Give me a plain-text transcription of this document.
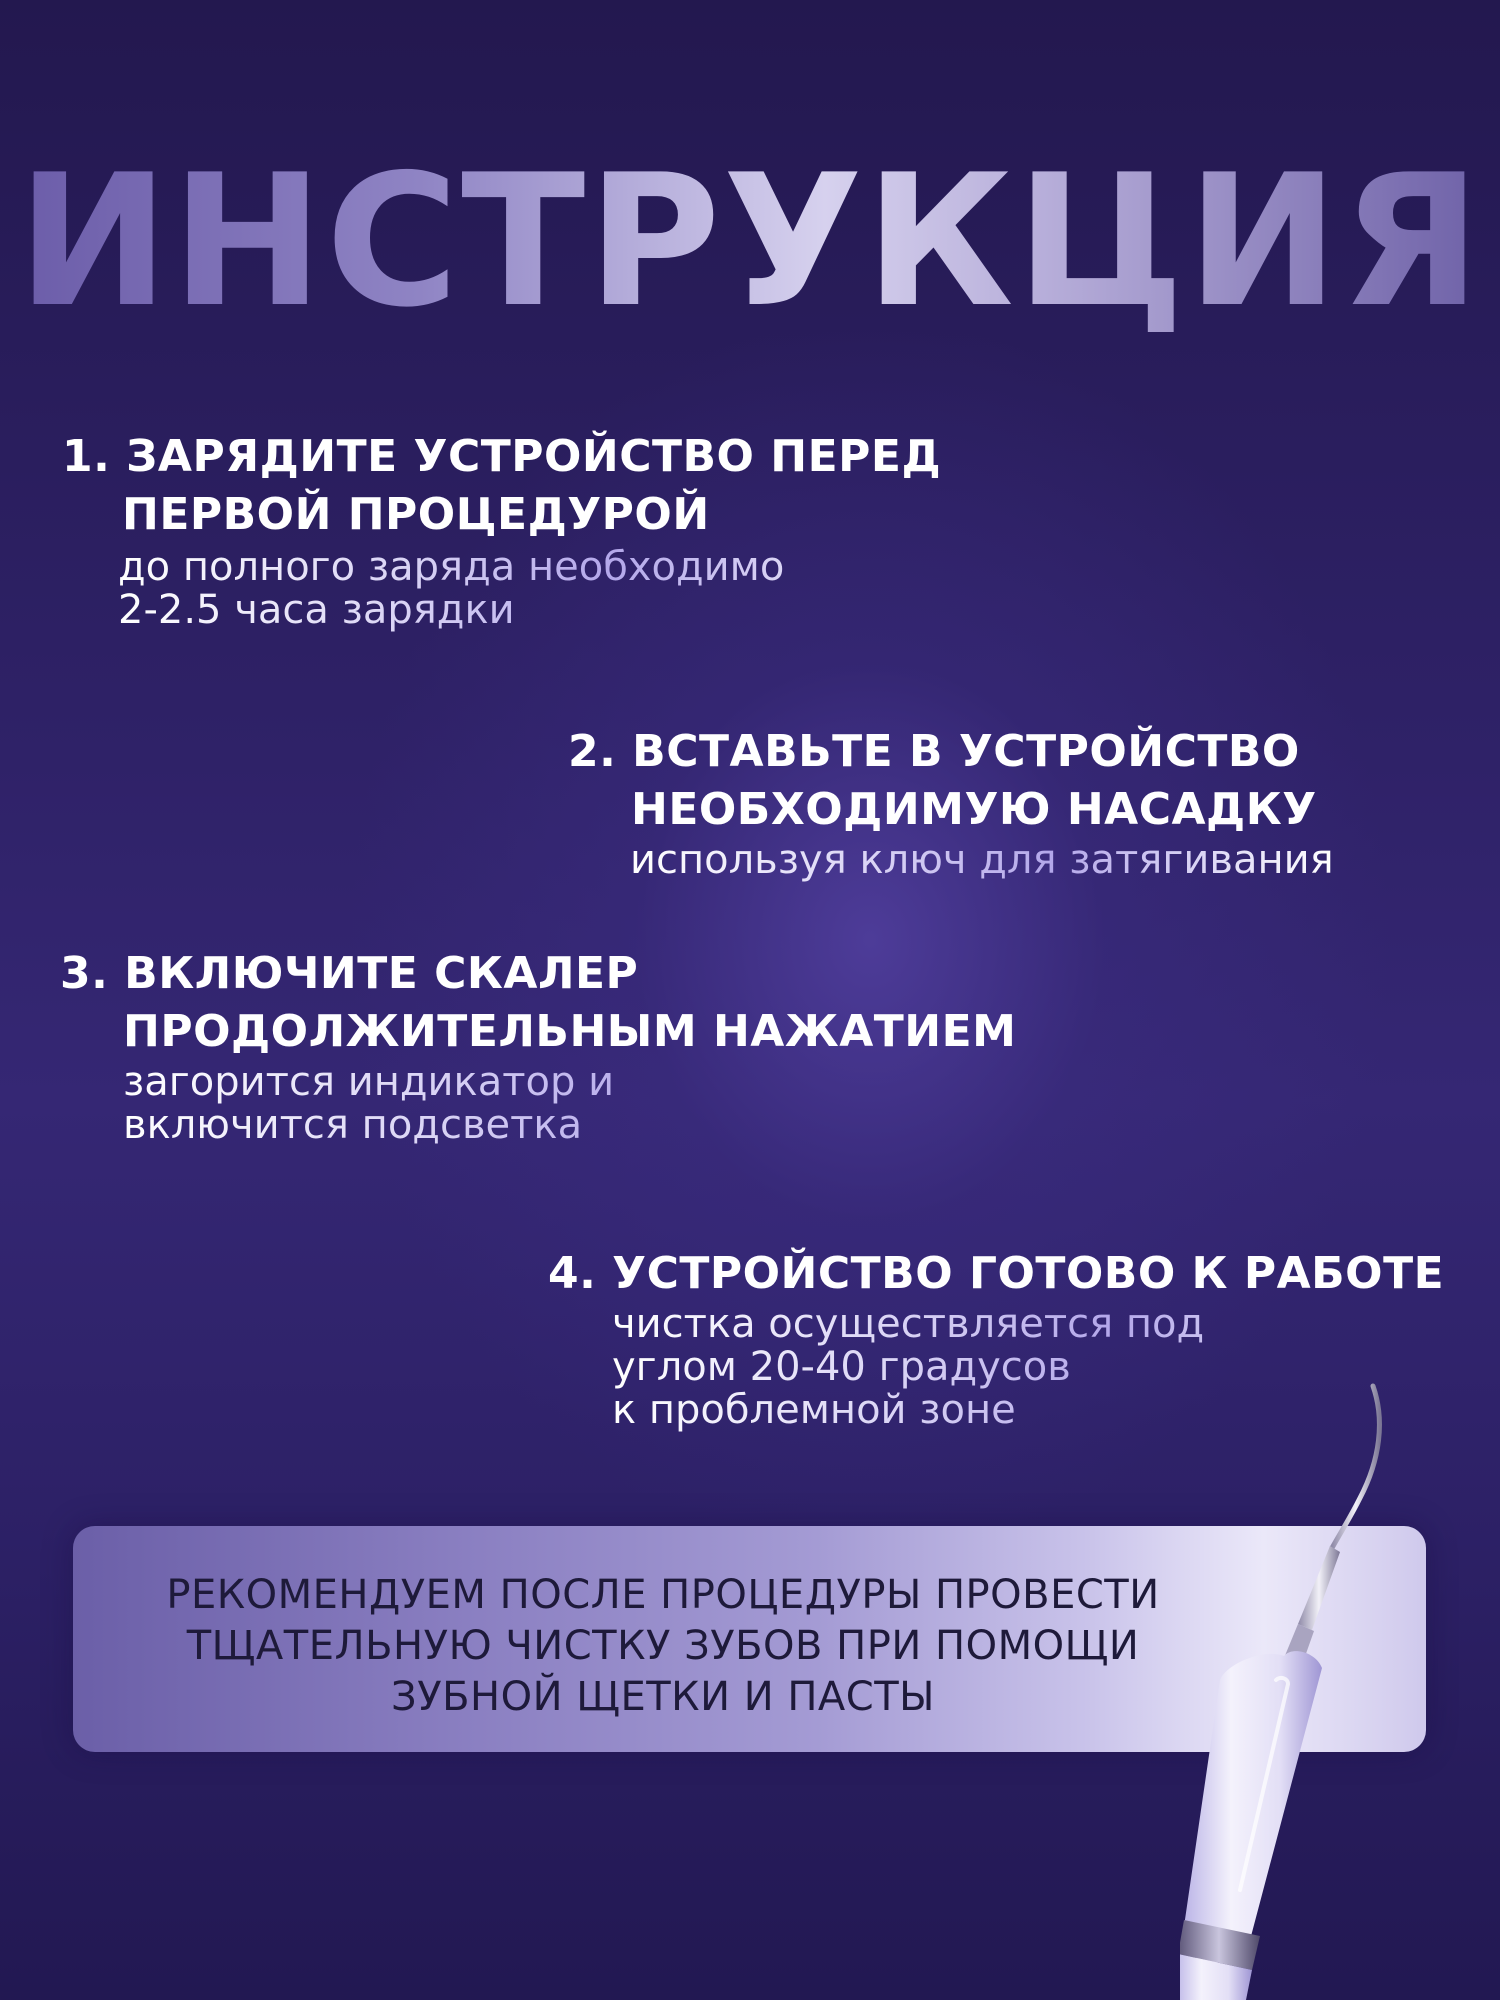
ИНСТРУКЦИЯ
1. ЗАРЯДИТЕ УСТРОЙСТВО ПЕРЕД
ПЕРВОЙ ПРОЦЕДУРОЙ
до полного заряда необходимо
2-2.5 часа зарядки
2. ВСТАВЬТЕ В УСТРОЙСТВО
НЕОБХОДИМУЮ НАСАДКУ
используя ключ для затягивания
3. ВКЛЮЧИТЕ СКАЛЕР
ПРОДОЛЖИТЕЛЬНЫМ НАЖАТИЕМ
загорится индикатор и
включится подсветка
4. УСТРОЙСТВО ГОТОВО К РАБОТЕ
чистка осуществляется под
углом 20-40 градусов
к проблемной зоне
РЕКОМЕНДУЕМ ПОСЛЕ ПРОЦЕДУРЫ ПРОВЕСТИ
ТЩАТЕЛЬНУЮ ЧИСТКУ ЗУБОВ ПРИ ПОМОЩИ
ЗУБНОЙ ЩЕТКИ И ПАСТЫ
